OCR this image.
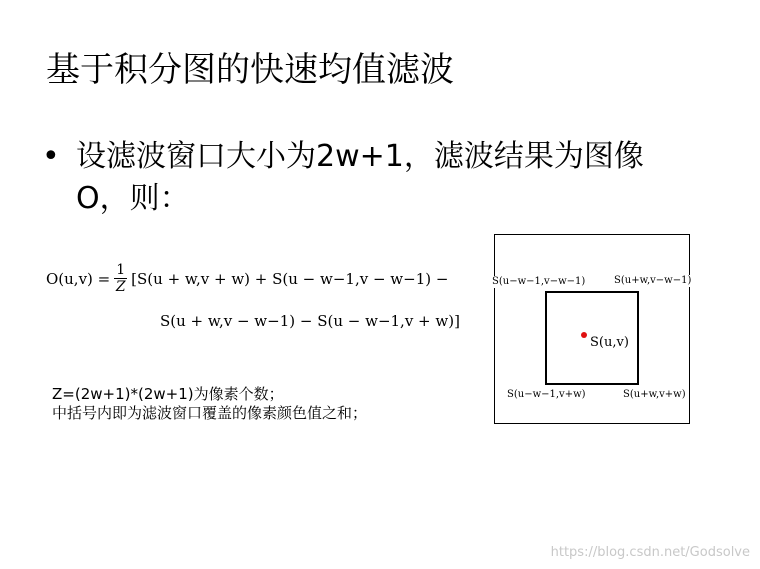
基于积分图的快速均值滤波
• 设滤波窗口大小为2w+1，滤波结果为图像
O，则：
$O(u,v) = \frac{1}{Z} [S(u + w,v + w) + S(u - w-1,v - w-1)$ −
S(u + w,v − w−1) − S(u − w−1,v + w)]
Z=(2w+1)*(2w+1)为像素个数；
中括号内即为滤波窗口覆盖的像素颜色值之和；
S(u−w−1,v−w−1)	S(u+w,v−w−1)
S(u,v)
S(u−w−1,v+w)	S(u+w,v+w)
https://blog.csdn.net/Godsolve
